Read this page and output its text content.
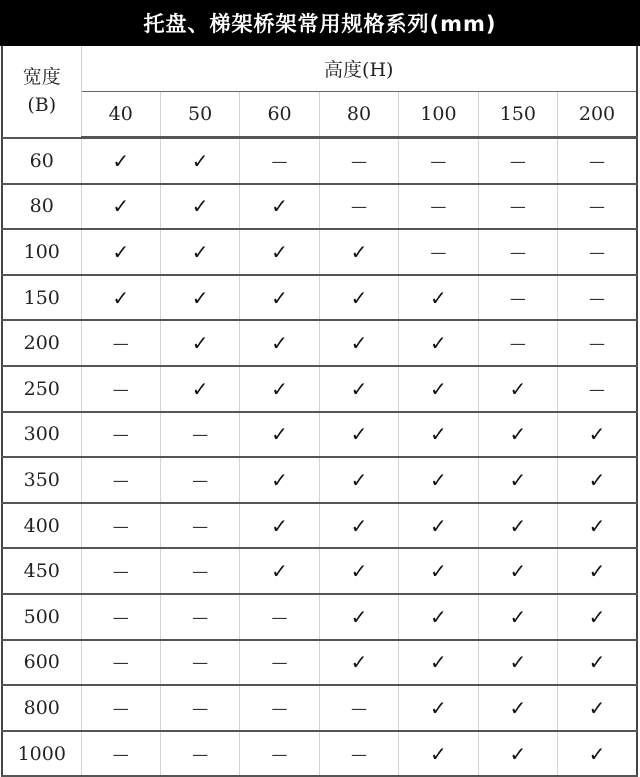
托盘、梯架桥架常用规格系列(mm)
宽度
(B)	高度(H)						
	40	50	60	80	100	150	200
60	✓	✓	—	—	—	—	—
80	✓	✓	✓	—	—	—	—
100	✓	✓	✓	✓	—	—	—
150	✓	✓	✓	✓	✓	—	—
200	—	✓	✓	✓	✓	—	—
250	—	✓	✓	✓	✓	✓	—
300	—	—	✓	✓	✓	✓	✓
350	—	—	✓	✓	✓	✓	✓
400	—	—	✓	✓	✓	✓	✓
450	—	—	✓	✓	✓	✓	✓
500	—	—	—	✓	✓	✓	✓
600	—	—	—	✓	✓	✓	✓
800	—	—	—	—	✓	✓	✓
1000	—	—	—	—	✓	✓	✓
